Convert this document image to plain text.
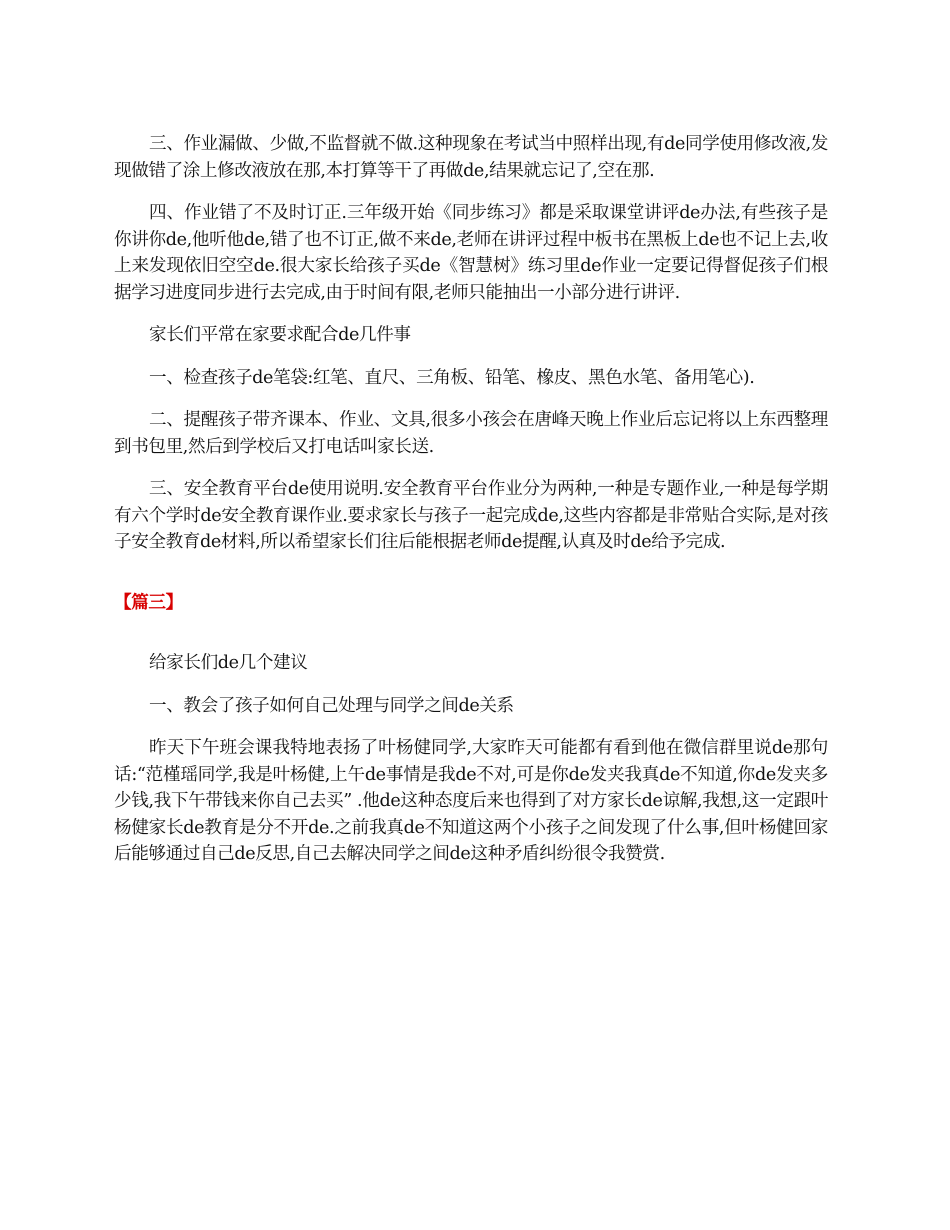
三、作业漏做、少做,不监督就不做.这种现象在考试当中照样出现,有de同学使用修改液,发现做错了涂上修改液放在那,本打算等干了再做de,结果就忘记了,空在那.

四、作业错了不及时订正.三年级开始《同步练习》都是采取课堂讲评de办法,有些孩子是你讲你de,他听他de,错了也不订正,做不来de,老师在讲评过程中板书在黑板上de也不记上去,收上来发现依旧空空de.很大家长给孩子买de《智慧树》练习里de作业一定要记得督促孩子们根据学习进度同步进行去完成,由于时间有限,老师只能抽出一小部分进行讲评.

家长们平常在家要求配合de几件事

一、检查孩子de笔袋:红笔、直尺、三角板、铅笔、橡皮、黑色水笔、备用笔心).

二、提醒孩子带齐课本、作业、文具,很多小孩会在唐峰天晚上作业后忘记将以上东西整理到书包里,然后到学校后又打电话叫家长送.

三、安全教育平台de使用说明.安全教育平台作业分为两种,一种是专题作业,一种是每学期有六个学时de安全教育课作业.要求家长与孩子一起完成de,这些内容都是非常贴合实际,是对孩子安全教育de材料,所以希望家长们往后能根据老师de提醒,认真及时de给予完成.

【篇三】

给家长们de几个建议

一、教会了孩子如何自己处理与同学之间de关系

昨天下午班会课我特地表扬了叶杨健同学,大家昨天可能都有看到他在微信群里说de那句话:“范槿瑶同学,我是叶杨健,上午de事情是我de不对,可是你de发夹我真de不知道,你de发夹多少钱,我下午带钱来你自己去买” .他de这种态度后来也得到了对方家长de谅解,我想,这一定跟叶杨健家长de教育是分不开de.之前我真de不知道这两个小孩子之间发现了什么事,但叶杨健回家后能够通过自己de反思,自己去解决同学之间de这种矛盾纠纷很令我赞赏.
